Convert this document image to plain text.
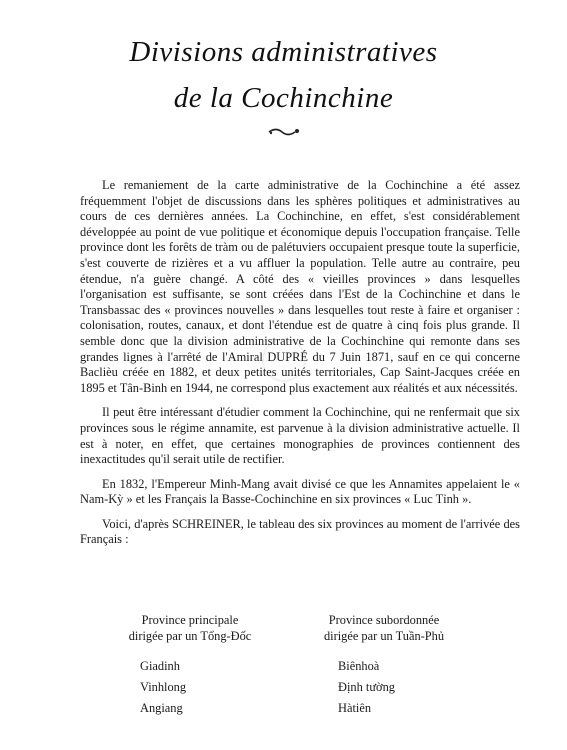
Divisions administratives
de la Cochinchine

Le remaniement de la carte administrative de la Cochinchine a été assez fréquemment l'objet de discussions dans les sphères politiques et administratives au cours de ces dernières années. La Cochinchine, en effet, s'est considérablement développée au point de vue politique et économique depuis l'occupation française. Telle province dont les forêts de tràm ou de palétuviers occupaient presque toute la superficie, s'est couverte de rizières et a vu affluer la population. Telle autre au contraire, peu étendue, n'a guère changé. A côté des « vieilles provinces » dans lesquelles l'organisation est suffisante, se sont créées dans l'Est de la Cochinchine et dans le Transbassac des « provinces nouvelles » dans lesquelles tout reste à faire et organiser : colonisation, routes, canaux, et dont l'étendue est de quatre à cinq fois plus grande. Il semble donc que la division administrative de la Cochinchine qui remonte dans ses grandes lignes à l'arrêté de l'Amiral DUPRÉ du 7 Juin 1871, sauf en ce qui concerne Baclièu créée en 1882, et deux petites unités territoriales, Cap Saint-Jacques créée en 1895 et Tân-Binh en 1944, ne correspond plus exactement aux réalités et aux nécessités.

Il peut être intéressant d'étudier comment la Cochinchine, qui ne renfermait que six provinces sous le régime annamite, est parvenue à la division administrative actuelle. Il est à noter, en effet, que certaines monographies de provinces contiennent des inexactitudes qu'il serait utile de rectifier.

En 1832, l'Empereur Minh-Mang avait divisé ce que les Annamites appelaient le « Nam-Kỳ » et les Français la Basse-Cochinchine en six provinces « Luc Tỉnh ».

Voici, d'après SCHREINER, le tableau des six provinces au moment de l'arrivée des Français :

Province principale
dirigée par un Tổng-Đốc
Giadinh
Vinhlong
Angiang
Province subordonnée
dirigée par un Tuần-Phủ
Biênhoà
Định tường
Hàtiên
